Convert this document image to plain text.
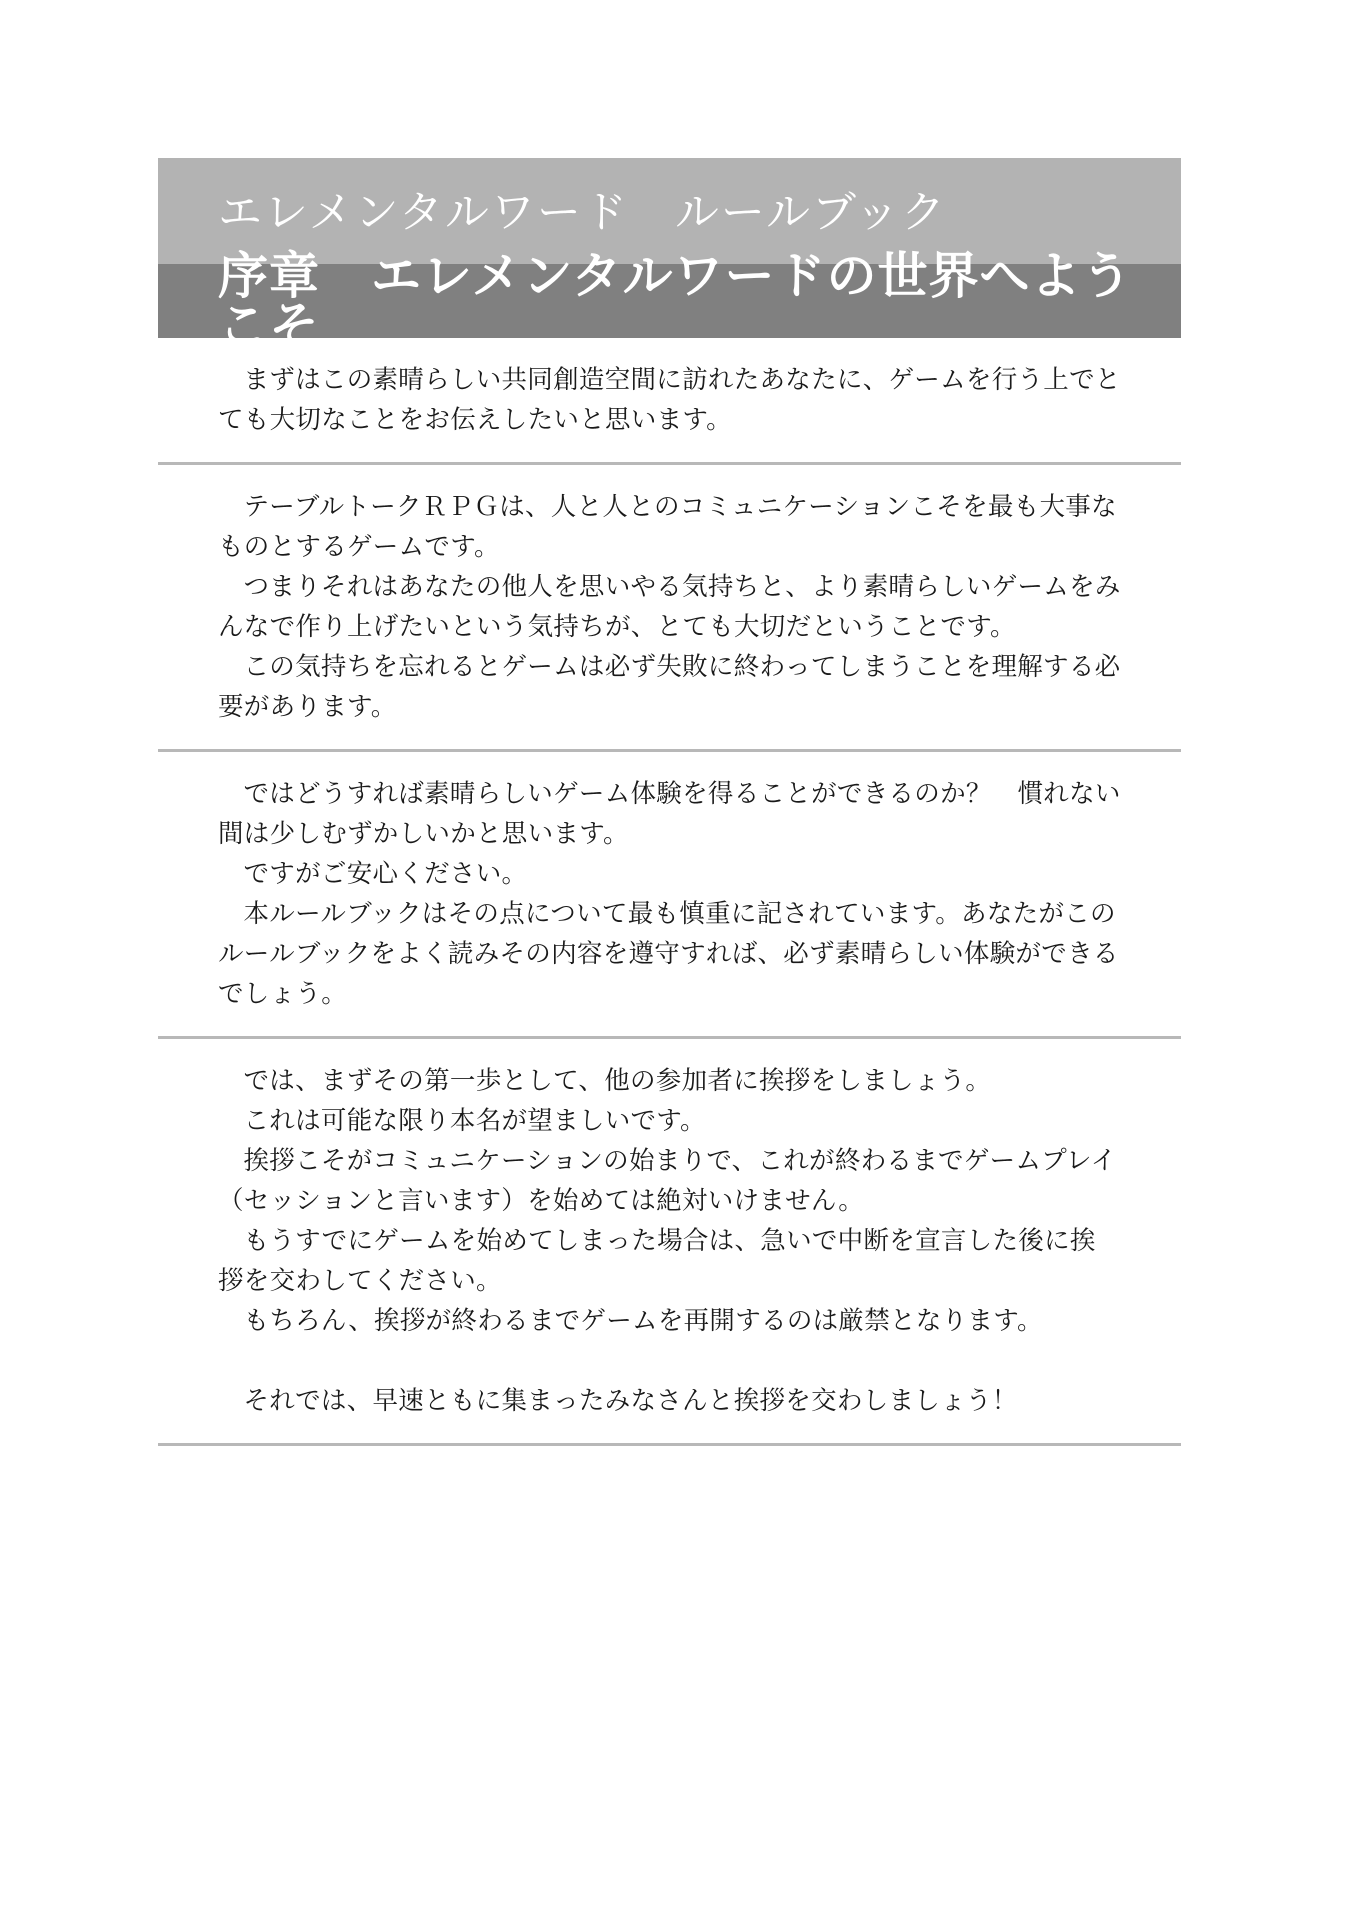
エレメンタルワード　ルールブック
序章　エレメンタルワードの世界へようこそ

まずはこの素晴らしい共同創造空間に訪れたあなたに、ゲームを行う上でとても大切なことをお伝えしたいと思います。

テーブルトークＲＰＧは、人と人とのコミュニケーションこそを最も大事なものとするゲームです。

つまりそれはあなたの他人を思いやる気持ちと、より素晴らしいゲームをみんなで作り上げたいという気持ちが、とても大切だということです。

この気持ちを忘れるとゲームは必ず失敗に終わってしまうことを理解する必要があります。

ではどうすれば素晴らしいゲーム体験を得ることができるのか？　慣れない間は少しむずかしいかと思います。

ですがご安心ください。

本ルールブックはその点について最も慎重に記されています。あなたがこのルールブックをよく読みその内容を遵守すれば、必ず素晴らしい体験ができるでしょう。

では、まずその第一歩として、他の参加者に挨拶をしましょう。

これは可能な限り本名が望ましいです。

挨拶こそがコミュニケーションの始まりで、これが終わるまでゲームプレイ（セッションと言います）を始めては絶対いけません。

もうすでにゲームを始めてしまった場合は、急いで中断を宣言した後に挨拶を交わしてください。

もちろん、挨拶が終わるまでゲームを再開するのは厳禁となります。

それでは、早速ともに集まったみなさんと挨拶を交わしましょう！
